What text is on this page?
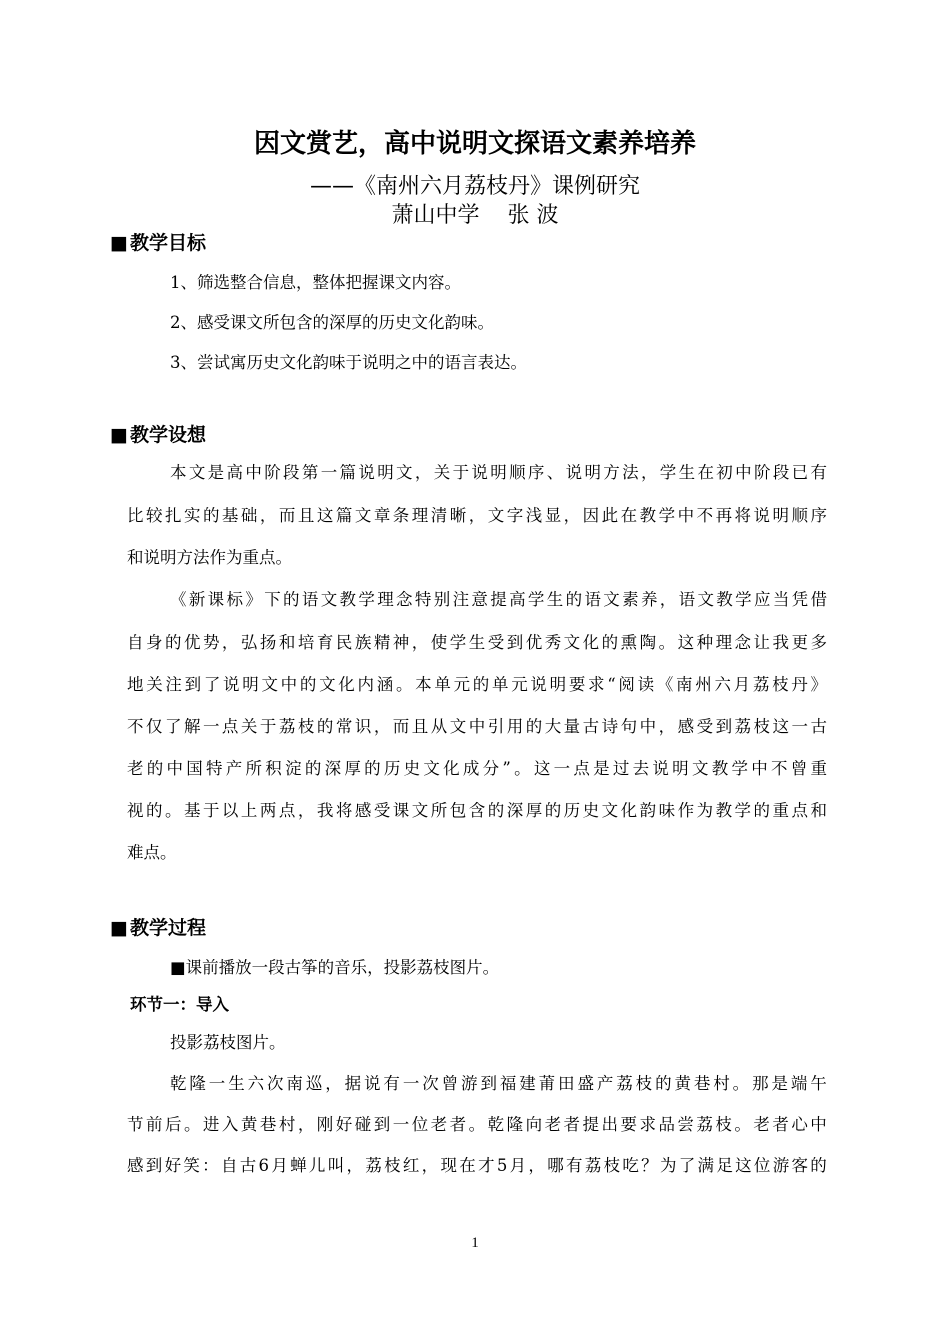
因文赏艺，高中说明文探语文素养培养
——《南州六月荔枝丹》课例研究
萧山中学    张 波
■ 教学目标
1、筛选整合信息，整体把握课文内容。
2、感受课文所包含的深厚的历史文化韵味。
3、尝试寓历史文化韵味于说明之中的语言表达。
■ 教学设想
本文是高中阶段第一篇说明文，关于说明顺序、说明方法，学生在初中阶段已有
比较扎实的基础，而且这篇文章条理清晰，文字浅显，因此在教学中不再将说明顺序
和说明方法作为重点。
《新课标》下的语文教学理念特别注意提高学生的语文素养，语文教学应当凭借
自身的优势，弘扬和培育民族精神，使学生受到优秀文化的熏陶。这种理念让我更多
地关注到了说明文中的文化内涵。本单元的单元说明要求“阅读《南州六月荔枝丹》
不仅了解一点关于荔枝的常识，而且从文中引用的大量古诗句中，感受到荔枝这一古
老的中国特产所积淀的深厚的历史文化成分”。这一点是过去说明文教学中不曾重
视的。基于以上两点，我将感受课文所包含的深厚的历史文化韵味作为教学的重点和
难点。
■ 教学过程
■课前播放一段古筝的音乐，投影荔枝图片。
环节一：导入
投影荔枝图片。
乾隆一生六次南巡，据说有一次曾游到福建莆田盛产荔枝的黄巷村。那是端午
节前后。进入黄巷村，刚好碰到一位老者。乾隆向老者提出要求品尝荔枝。老者心中
感到好笑：自古6月蝉儿叫，荔枝红，现在才5月，哪有荔枝吃？为了满足这位游客的
1
